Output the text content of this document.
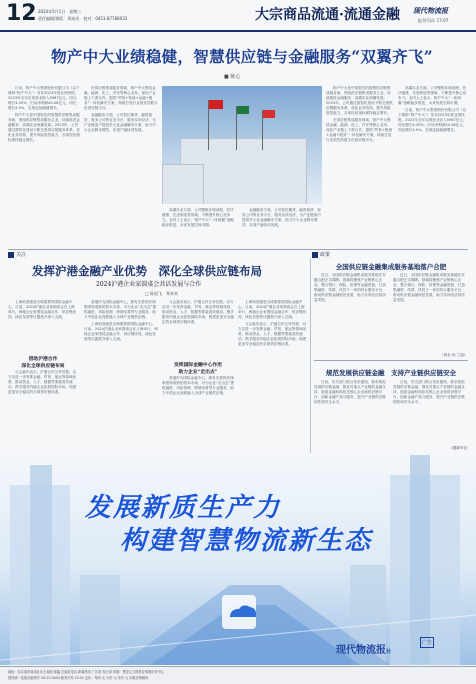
12 2024年5月1日　星期三
责任编辑/排版：周成功　校对：0451-87788033	大宗商品流通·流通金融 现代物流报
报刊号码: 17-07
物产中大业绩稳健，智慧供应链与金融服务“双翼齐飞”
■ 陈心

日前，物产中大集团股份有限公司（以下简称“物产中大”）发布2023年度业绩快报。2023年全年实现营业收入5967亿元，同比增长4.39%；归母净利润40.06亿元，同比增长4.9%，实现连续稳健增长。

物产中大是中国领先的智慧供应链集成服务商，围绕供应链集成服务主业，持续推进金融服务、高端实业两翼发展。2023年，公司通过数智化建设不断完善供应链服务体系，优化业务结构，提升风险管控能力，各项经营指标保持稳定增长。

在供应链集成服务领域，物产中大围绕金属、能源、化工、汽车等核心业务，深化产业链上下游合作，提供“贸易+物流+金融+服务”一体化解决方案，持续打造行业领先的数字化供应链平台。

金融服务方面，公司依托期货、融资租赁、财务公司等业务平台，服务实体经济，为产业链客户提供多元化金融解决方案，助力中小企业降本增效，实现产融协同发展。

高端实业方面，公司聚焦环境治理、医疗健康、先进制造等领域，不断提升核心竞争力。业内人士表示，物产中大“一体两翼”战略稳步推进，未来发展空间可期。

金融服务方面，公司依托期货、融资租赁、财务公司等业务平台，服务实体经济，为产业链客户提供多元化金融解决方案，助力中小企业降本增效，实现产融协同发展。

物产中大是中国领先的智慧供应链集成服务商，围绕供应链集成服务主业，持续推进金融服务、高端实业两翼发展。2023年，公司通过数智化建设不断完善供应链服务体系，优化业务结构，提升风险管控能力，各项经营指标保持稳定增长。

在供应链集成服务领域，物产中大围绕金属、能源、化工、汽车等核心业务，深化产业链上下游合作，提供“贸易+物流+金融+服务”一体化解决方案，持续打造行业领先的数字化供应链平台。

高端实业方面，公司聚焦环境治理、医疗健康、先进制造等领域，不断提升核心竞争力。业内人士表示，物产中大“一体两翼”战略稳步推进，未来发展空间可期。

日前，物产中大集团股份有限公司（以下简称“物产中大”）发布2023年度业绩快报。2023年全年实现营业收入5967亿元，同比增长4.39%；归母净利润40.06亿元，同比增长4.9%，实现连续稳健增长。

关注	政策
发挥沪港金融产业优势　深化全球供应链布局
2024沪港企业家圆桌会共话发展与合作
□ 陈祖飞　郑来来

上海和香港是全球重要的国际金融中心。日前，2024沪港企业家圆桌会在上海举行，两地企业家围绕金融合作、供应链协同、绿色发展等议题展开深入交流。

借助沪港合作
深化全球供应链布局

与会嘉宾表示，沪港合作互补性强，双方应进一步发挥金融、贸易、航运等领域优势，推动资金、人才、数据等要素高效流动，携手服务内地企业拓展国际市场，构建更加安全稳定的全球供应链体系。

香港作为国际金融中心，拥有完善的法律制度和成熟的资本市场，可为企业“走出去”提供融资、风险管理、跨境结算等专业服务，助力中国企业深度融入全球产业链供应链。

上海和香港是全球重要的国际金融中心。日前，2024沪港企业家圆桌会在上海举行，两地企业家围绕金融合作、供应链协同、绿色发展等议题展开深入交流。

与会嘉宾表示，沪港合作互补性强，双方应进一步发挥金融、贸易、航运等领域优势，推动资金、人才、数据等要素高效流动，携手服务内地企业拓展国际市场，构建更加安全稳定的全球供应链体系。

发挥国际金融中心作用
助力企业“走出去”

香港作为国际金融中心，拥有完善的法律制度和成熟的资本市场，可为企业“走出去”提供融资、风险管理、跨境结算等专业服务，助力中国企业深度融入全球产业链供应链。

上海和香港是全球重要的国际金融中心。日前，2024沪港企业家圆桌会在上海举行，两地企业家围绕金融合作、供应链协同、绿色发展等议题展开深入交流。

与会嘉宾表示，沪港合作互补性强，双方应进一步发挥金融、贸易、航运等领域优势，推动资金、人才、数据等要素高效流动，携手服务内地企业拓展国际市场，构建更加安全稳定的全球供应链体系。

全国供应链金融集成服务基地落户合肥

近日，全国供应链金融集成服务基地在安徽合肥正式揭牌。基地将聚焦产业链核心企业，整合银行、保险、担保等金融资源，打造集融资、结算、风控于一体的综合服务平台，推动供应链金融规范发展，助力实体经济高质量发展。

近日，全国供应链金融集成服务基地在安徽合肥正式揭牌。基地将聚焦产业链核心企业，整合银行、保险、担保等金融资源，打造集融资、结算、风控于一体的综合服务平台，推动供应链金融规范发展，助力实体经济高质量发展。

（周全 孙 兰丽）
规范发展供应链金融　支持产业链供应链安全

日前，有关部门联合发布通知，要求规范发展供应链金融，强化对重点产业链的金融支持，鼓励金融机构依托核心企业和供应链平台，创新金融产品与服务，提升产业链供应链韧性和安全水平。

日前，有关部门联合发布通知，要求规范发展供应链金融，强化对重点产业链的金融支持，鼓励金融机构依托核心企业和供应链平台，创新金融产品与服务，提升产业链供应链韧性和安全水平。

（据新华社）
发展新质生产力
构建智慧物流新生态
现代物流报社
广告
地址：哈尔滨市南岗区东大直街 邮编 总编室电话 新闻热线 广告部 发行部 印刷：黑龙江日报报业集团印务中心
国内统一连续出版物号 CN 23-0054 邮发代号 13-41 定价：每份 元 月价 元 年价 元 本报法律顾问
